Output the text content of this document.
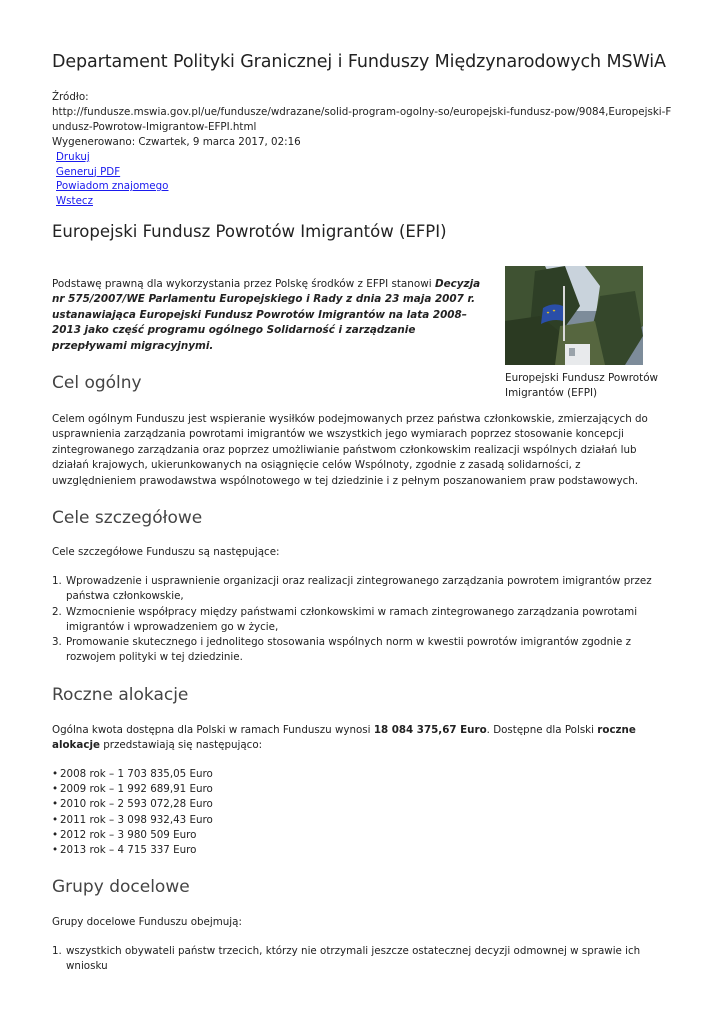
Departament Polityki Granicznej i Funduszy Międzynarodowych MSWiA
Źródło:
http://fundusze.mswia.gov.pl/ue/fundusze/wdrazane/solid-program-ogolny-so/europejski-fundusz-pow/9084,Europejski-Fundusz-Powrotow-Imigrantow-EFPI.html
Wygenerowano: Czwartek, 9 marca 2017, 02:16
Drukuj
Generuj PDF
Powiadom znajomego
Wstecz
Europejski Fundusz Powrotów Imigrantów (EFPI)
Podstawę prawną dla wykorzystania przez Polskę środków z EFPI stanowi Decyzja nr 575/2007/WE Parlamentu Europejskiego i Rady z dnia 23 maja 2007 r. ustanawiająca Europejski Fundusz Powrotów Imigrantów na lata 2008–2013 jako część programu ogólnego Solidarność i zarządzanie przepływami migracyjnymi.
Europejski Fundusz Powrotów Imigrantów (EFPI)
Cel ogólny
Celem ogólnym Funduszu jest wspieranie wysiłków podejmowanych przez państwa członkowskie, zmierzających do usprawnienia zarządzania powrotami imigrantów we wszystkich jego wymiarach poprzez stosowanie koncepcji zintegrowanego zarządzania oraz poprzez umożliwianie państwom członkowskim realizacji wspólnych działań lub działań krajowych, ukierunkowanych na osiągnięcie celów Wspólnoty, zgodnie z zasadą solidarności, z uwzględnieniem prawodawstwa wspólnotowego w tej dziedzinie i z pełnym poszanowaniem praw podstawowych.
Cele szczegółowe
Cele szczegółowe Funduszu są następujące:
1. Wprowadzenie i usprawnienie organizacji oraz realizacji zintegrowanego zarządzania powrotem imigrantów przez państwa członkowskie,
2. Wzmocnienie współpracy między państwami członkowskimi w ramach zintegrowanego zarządzania powrotami imigrantów i wprowadzeniem go w życie,
3. Promowanie skutecznego i jednolitego stosowania wspólnych norm w kwestii powrotów imigrantów zgodnie z rozwojem polityki w tej dziedzinie.
Roczne alokacje
Ogólna kwota dostępna dla Polski w ramach Funduszu wynosi 18 084 375,67 Euro. Dostępne dla Polski roczne alokacje przedstawiają się następująco:
• 2008 rok – 1 703 835,05 Euro
• 2009 rok – 1 992 689,91 Euro
• 2010 rok – 2 593 072,28 Euro
• 2011 rok – 3 098 932,43 Euro
• 2012 rok – 3 980 509 Euro
• 2013 rok – 4 715 337 Euro
Grupy docelowe
Grupy docelowe Funduszu obejmują:
1. wszystkich obywateli państw trzecich, którzy nie otrzymali jeszcze ostatecznej decyzji odmownej w sprawie ich wniosku
